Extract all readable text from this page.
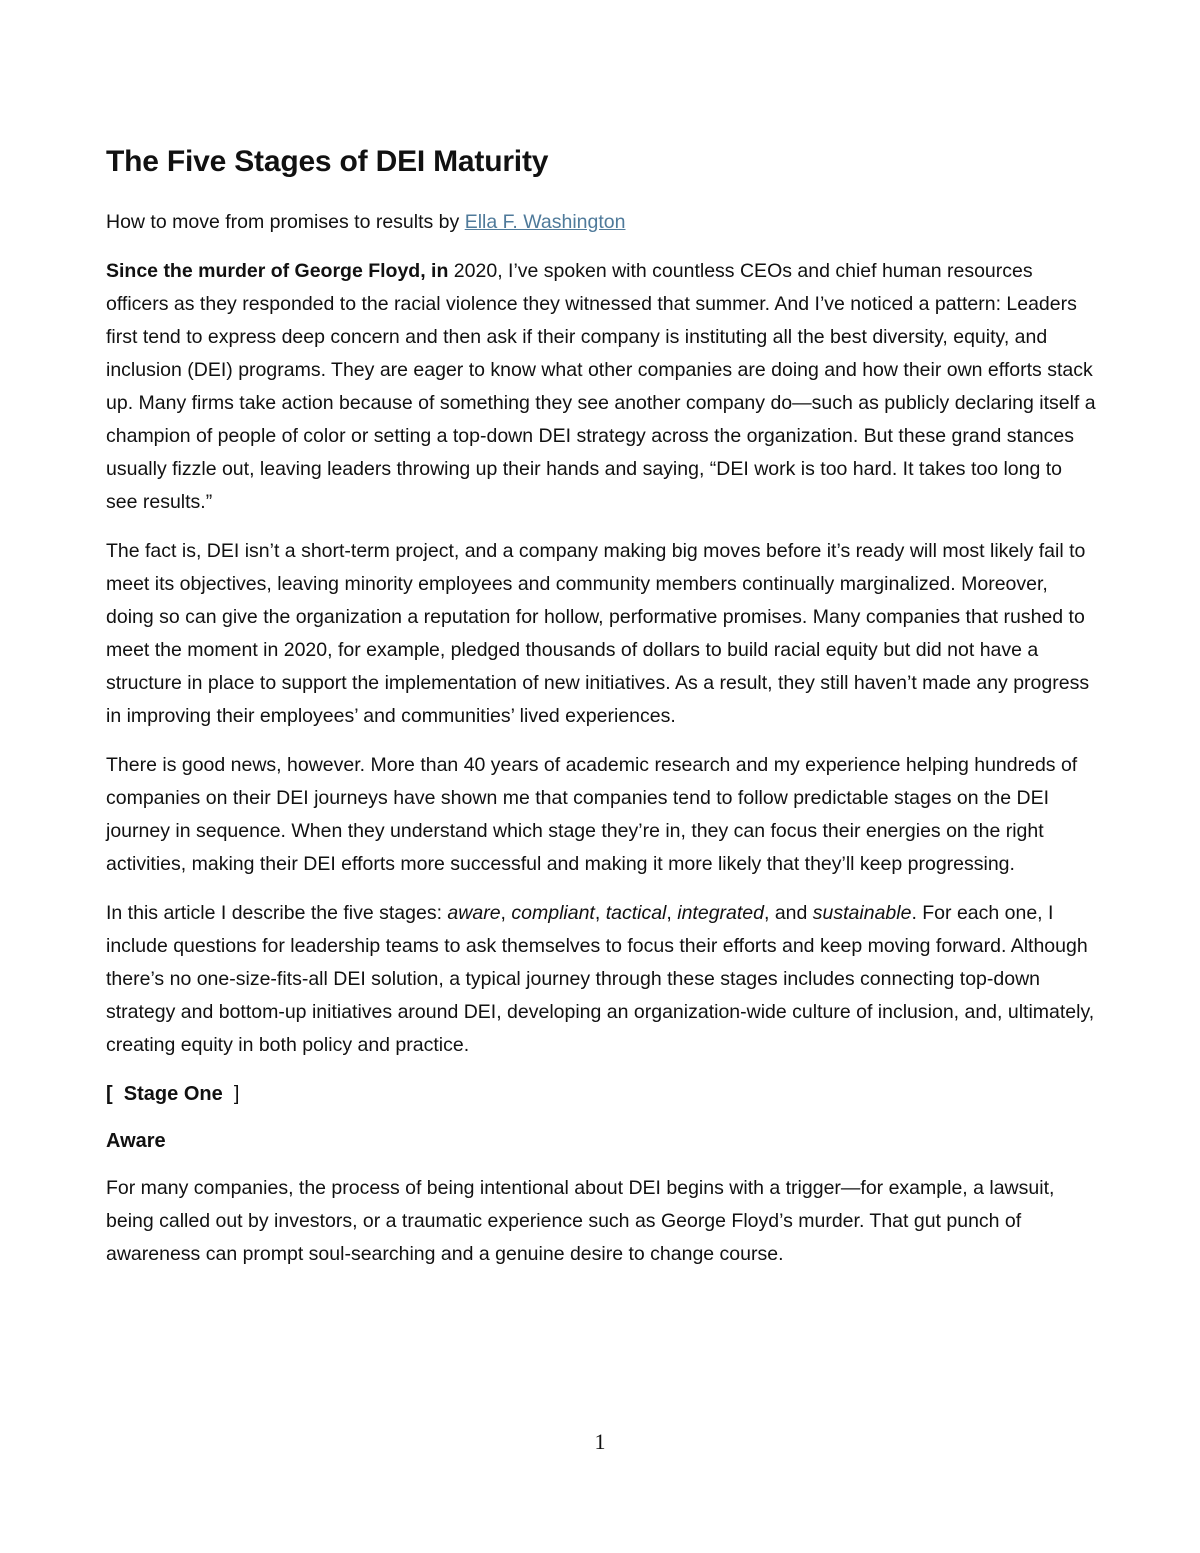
The Five Stages of DEI Maturity

How to move from promises to results by Ella F. Washington

Since the murder of George Floyd, in 2020, I’ve spoken with countless CEOs and chief human resources officers as they responded to the racial violence they witnessed that summer. And I’ve noticed a pattern: Leaders first tend to express deep concern and then ask if their company is instituting all the best diversity, equity, and inclusion (DEI) programs. They are eager to know what other companies are doing and how their own efforts stack up. Many firms take action because of something they see another company do—such as publicly declaring itself a champion of people of color or setting a top-down DEI strategy across the organization. But these grand stances usually fizzle out, leaving leaders throwing up their hands and saying, “DEI work is too hard. It takes too long to see results.”

The fact is, DEI isn’t a short-term project, and a company making big moves before it’s ready will most likely fail to meet its objectives, leaving minority employees and community members continually marginalized. Moreover, doing so can give the organization a reputation for hollow, performative promises. Many companies that rushed to meet the moment in 2020, for example, pledged thousands of dollars to build racial equity but did not have a structure in place to support the implementation of new initiatives. As a result, they still haven’t made any progress in improving their employees’ and communities’ lived experiences.

There is good news, however. More than 40 years of academic research and my experience helping hundreds of companies on their DEI journeys have shown me that companies tend to follow predictable stages on the DEI journey in sequence. When they understand which stage they’re in, they can focus their energies on the right activities, making their DEI efforts more successful and making it more likely that they’ll keep progressing.

In this article I describe the five stages: aware, compliant, tactical, integrated, and sustainable. For each one, I include questions for leadership teams to ask themselves to focus their efforts and keep moving forward. Although there’s no one-size-fits-all DEI solution, a typical journey through these stages includes connecting top-down strategy and bottom-up initiatives around DEI, developing an organization-wide culture of inclusion, and, ultimately, creating equity in both policy and practice.

[ Stage One ]

Aware

For many companies, the process of being intentional about DEI begins with a trigger—for example, a lawsuit, being called out by investors, or a traumatic experience such as George Floyd’s murder. That gut punch of awareness can prompt soul-searching and a genuine desire to change course.

1
